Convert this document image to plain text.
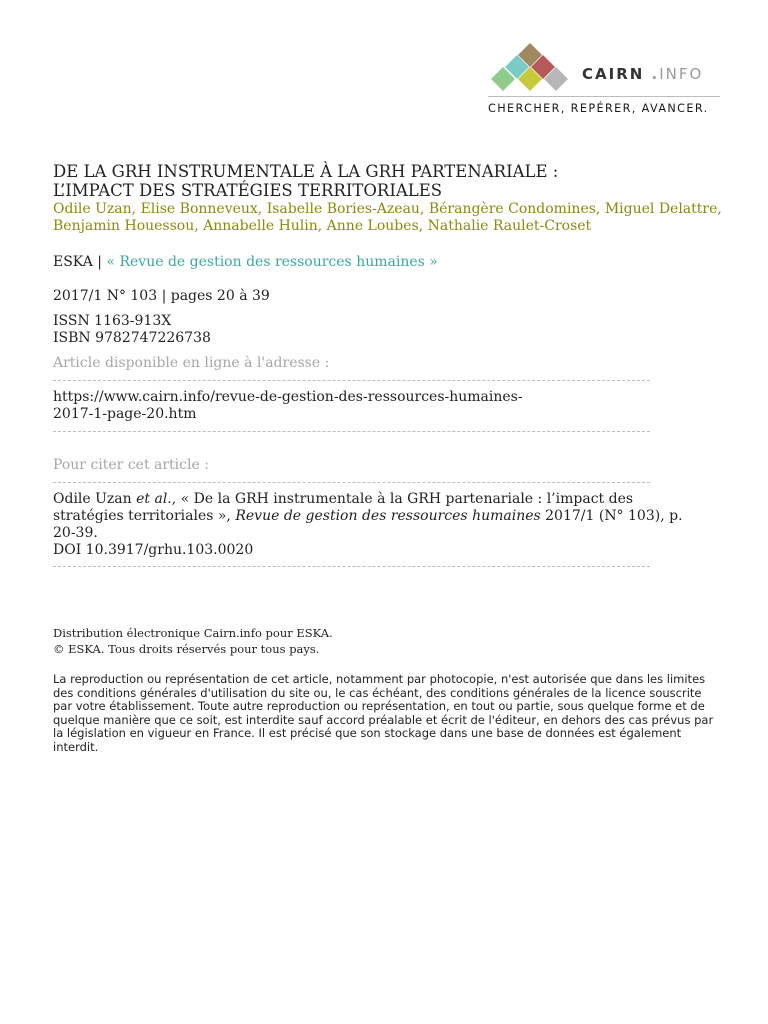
CAIRN .INFO
CHERCHER, REPÉRER, AVANCER.
DE LA GRH INSTRUMENTALE À LA GRH PARTENARIALE :
L’IMPACT DES STRATÉGIES TERRITORIALES
Odile Uzan, Elise Bonneveux, Isabelle Bories-Azeau, Bérangère Condomines, Miguel Delattre, Benjamin Houessou, Annabelle Hulin, Anne Loubes, Nathalie Raulet-Croset
ESKA | « Revue de gestion des ressources humaines »
2017/1 N° 103 | pages 20 à 39
ISSN 1163-913X
ISBN 9782747226738
Article disponible en ligne à l'adresse :
https://www.cairn.info/revue-de-gestion-des-ressources-humaines-2017-1-page-20.htm
Pour citer cet article :
Odile Uzan et al., « De la GRH instrumentale à la GRH partenariale : l’impact des stratégies territoriales », Revue de gestion des ressources humaines 2017/1 (N° 103), p. 20-39.
DOI 10.3917/grhu.103.0020
Distribution électronique Cairn.info pour ESKA.
© ESKA. Tous droits réservés pour tous pays.
La reproduction ou représentation de cet article, notamment par photocopie, n'est autorisée que dans les limites des conditions générales d'utilisation du site ou, le cas échéant, des conditions générales de la licence souscrite par votre établissement. Toute autre reproduction ou représentation, en tout ou partie, sous quelque forme et de quelque manière que ce soit, est interdite sauf accord préalable et écrit de l'éditeur, en dehors des cas prévus par la législation en vigueur en France. Il est précisé que son stockage dans une base de données est également interdit.
